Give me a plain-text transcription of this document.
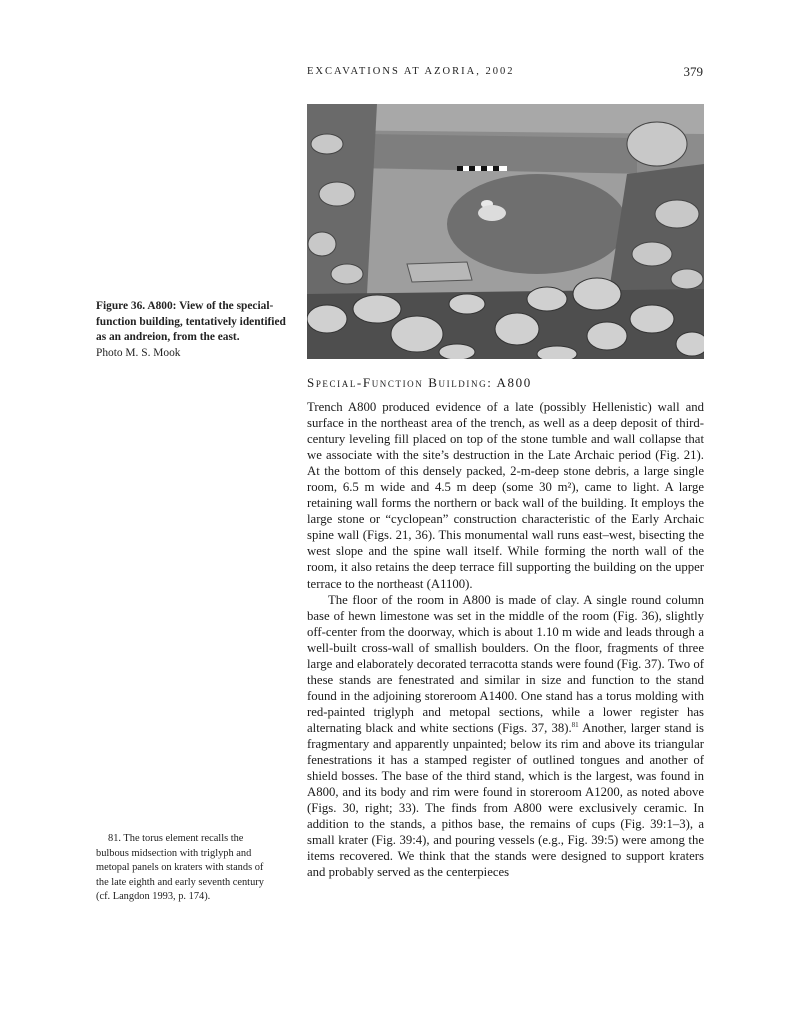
EXCAVATIONS AT AZORIA, 2002	379
Figure 36. A800: View of the special-function building, tentatively identified as an andreion, from the east.
Photo M. S. Mook
Special-Function Building: A800

Trench A800 produced evidence of a late (possibly Hellenistic) wall and surface in the northeast area of the trench, as well as a deep deposit of third-century leveling fill placed on top of the stone tumble and wall collapse that we associate with the site’s destruction in the Late Archaic period (Fig. 21). At the bottom of this densely packed, 2-m-deep stone debris, a large single room, 6.5 m wide and 4.5 m deep (some 30 m²), came to light. A large retaining wall forms the northern or back wall of the building. It employs the large stone or “cyclopean” construction characteristic of the Early Archaic spine wall (Figs. 21, 36). This monumental wall runs east–west, bisecting the west slope and the spine wall itself. While forming the north wall of the room, it also retains the deep terrace fill supporting the building on the upper terrace to the northeast (A1100).

The floor of the room in A800 is made of clay. A single round column base of hewn limestone was set in the middle of the room (Fig. 36), slightly off-center from the doorway, which is about 1.10 m wide and leads through a well-built cross-wall of smallish boulders. On the floor, fragments of three large and elaborately decorated terracotta stands were found (Fig. 37). Two of these stands are fenestrated and similar in size and function to the stand found in the adjoining storeroom A1400. One stand has a torus molding with red-painted triglyph and metopal sections, while a lower register has alternating black and white sections (Figs. 37, 38).$^{81}$ Another, larger stand is fragmentary and apparently unpainted; below its rim and above its triangular fenestrations it has a stamped register of outlined tongues and another of shield bosses. The base of the third stand, which is the largest, was found in A800, and its body and rim were found in storeroom A1200, as noted above (Figs. 30, right; 33). The finds from A800 were exclusively ceramic. In addition to the stands, a pithos base, the remains of cups (Fig. 39:1–3), a small krater (Fig. 39:4), and pouring vessels (e.g., Fig. 39:5) were among the items recovered. We think that the stands were designed to support kraters and probably served as the centerpieces

81. The torus element recalls the bulbous midsection with triglyph and metopal panels on kraters with stands of the late eighth and early seventh century (cf. Langdon 1993, p. 174).
